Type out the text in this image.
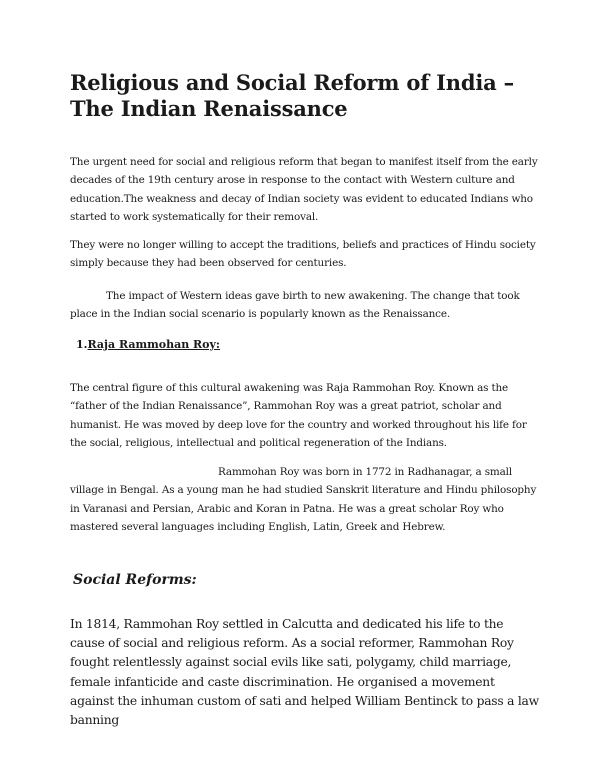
Religious and Social Reform of India – The Indian Renaissance

The urgent need for social and religious reform that began to manifest itself from the early decades of the 19th century arose in response to the contact with Western culture and education.The weakness and decay of Indian society was evident to educated Indians who started to work systematically for their removal.

They were no longer willing to accept the traditions, beliefs and practices of Hindu society simply because they had been observed for centuries.

The impact of Western ideas gave birth to new awakening. The change that took place in the Indian social scenario is popularly known as the Renaissance.

1.Raja Rammohan Roy:

The central figure of this cultural awakening was Raja Rammohan Roy. Known as the “father of the Indian Renaissance”, Rammohan Roy was a great patriot, scholar and humanist. He was moved by deep love for the country and worked throughout his life for the social, religious, intellectual and political regeneration of the Indians.

Rammohan Roy was born in 1772 in Radhanagar, a small village in Bengal. As a young man he had studied Sanskrit literature and Hindu philosophy in Varanasi and Persian, Arabic and Koran in Patna. He was a great scholar Roy who mastered several languages including English, Latin, Greek and Hebrew.

Social Reforms:

In 1814, Rammohan Roy settled in Calcutta and dedicated his life to the cause of social and religious reform. As a social reformer, Rammohan Roy fought relentlessly against social evils like sati, polygamy, child marriage, female infanticide and caste discrimination. He organised a movement against the inhuman custom of sati and helped William Bentinck to pass a law banning
